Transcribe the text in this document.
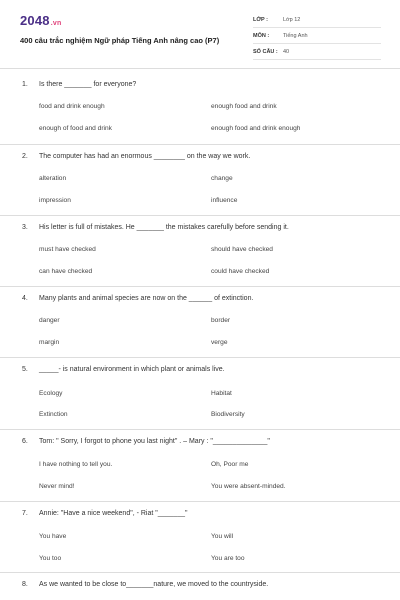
2048.vn
400 câu trắc nghiệm Ngữ pháp Tiếng Anh nâng cao (P7)
LỚP :	Lớp 12
MÔN :	Tiếng Anh
SỐ CÂU : 40
1. Is there _______ for everyone?
food and drink enough	enough food and drink
enough of food and drink	enough food and drink enough
2. The computer has had an enormous ________ on the way we work.
alteration	change
impression	influence
3. His letter is full of mistakes. He _______ the mistakes carefully before sending it.
must have checked	should have checked
can have checked	could have checked
4. Many plants and animal species are now on the ______ of extinction.
danger	border
margin	verge
5. _____- is natural environment in which plant or animals live.
Ecology	Habitat
Extinction	Biodiversity
6. Tom: " Sorry, I forgot to phone you last night" . – Mary : "______________"
I have nothing to tell you.	Oh, Poor me
Never mind!	You were absent-minded.
7. Annie: "Have a nice weekend", - Riat "_______"
You have	You will
You too	You are too
8. As we wanted to be close to_______nature, we moved to the countryside.
